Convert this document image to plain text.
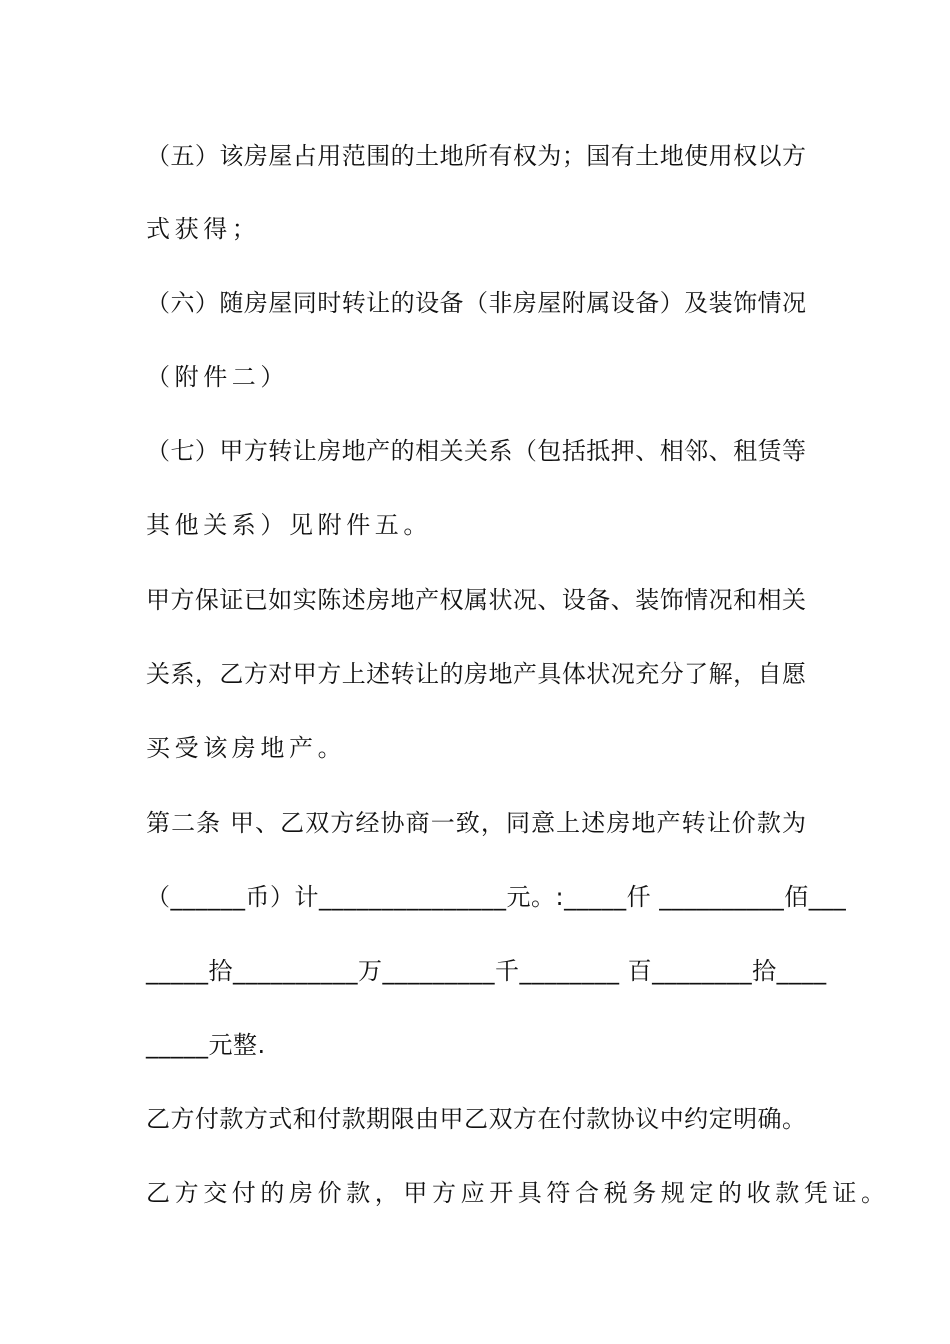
（五）该房屋占用范围的土地所有权为；国有土地使用权以方

式获得；

（六）随房屋同时转让的设备（非房屋附属设备）及装饰情况

（附件二）

（七）甲方转让房地产的相关关系（包括抵押、相邻、租赁等

其他关系）见附件五。

甲方保证已如实陈述房地产权属状况、设备、装饰情况和相关

关系，乙方对甲方上述转让的房地产具体状况充分了解，自愿

买受该房地产。

第二条 甲、乙双方经协商一致，同意上述房地产转让价款为

（______币）计_______________元。:_____仟 __________佰___

_____拾__________万_________千________ 百________拾____

_____元整.

乙方付款方式和付款期限由甲乙双方在付款协议中约定明确。

乙方交付的房价款，甲方应开具符合税务规定的收款凭证。
